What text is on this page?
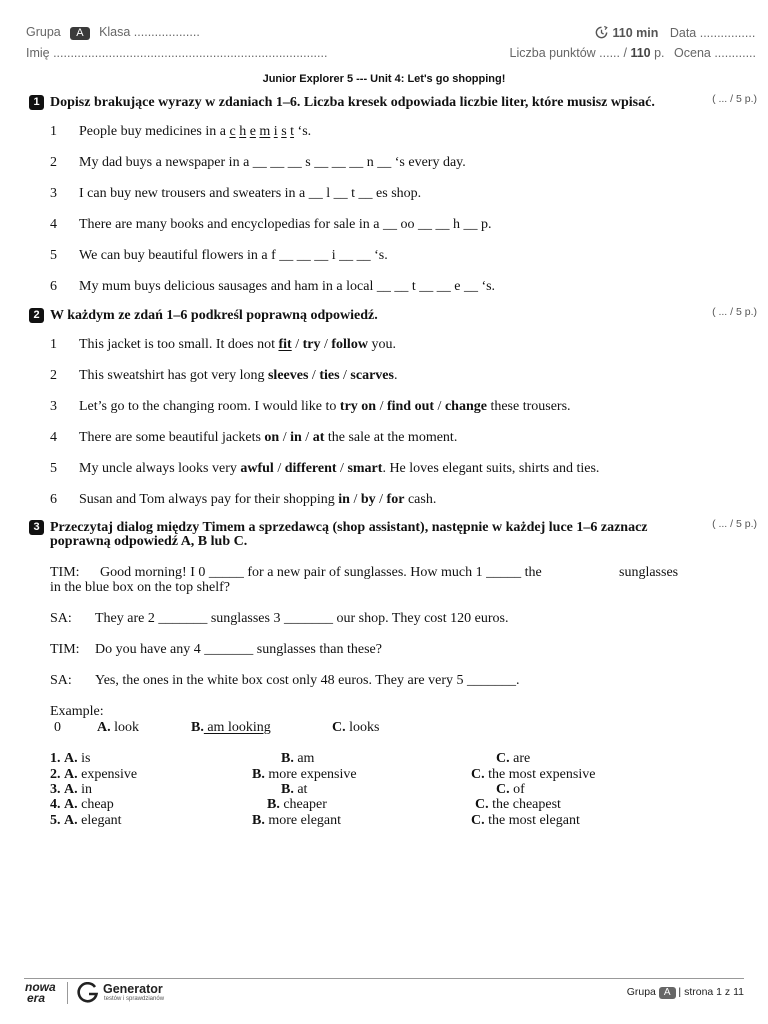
Grupa A Klasa ...................
Imię ...............................................................................
110 min Data ................
Liczba punktów ...... / 110 p. Ocena ............
Junior Explorer 5 --- Unit 4: Let's go shopping!
1 Dopisz brakujące wyrazy w zdaniach 1–6. Liczba kresek odpowiada liczbie liter, które musisz wpisać.	( ... / 5 p.)
1 People buy medicines in a c h e m i s t ‘s.
2 My dad buys a newspaper in a __ __ __ s __ __ __ n __ ‘s every day.
3 I can buy new trousers and sweaters in a __ l __ t __ es shop.
4 There are many books and encyclopedias for sale in a __ oo __ __ h __ p.
5 We can buy beautiful flowers in a f __ __ __ i __ __ ‘s.
6 My mum buys delicious sausages and ham in a local __ __ t __ __ e __ ‘s.
2 W każdym ze zdań 1–6 podkreśl poprawną odpowiedź.	( ... / 5 p.)
1 This jacket is too small. It does not fit / try / follow you.
2 This sweatshirt has got very long sleeves / ties / scarves.
3 Let’s go to the changing room. I would like to try on / find out / change these trousers.
4 There are some beautiful jackets on / in / at the sale at the moment.
5 My uncle always looks very awful / different / smart. He loves elegant suits, shirts and ties.
6 Susan and Tom always pay for their shopping in / by / for cash.
3 Przeczytaj dialog między Timem a sprzedawcą (shop assistant), następnie w każdej luce 1–6 zaznacz
poprawną odpowiedź A, B lub C.
( ... / 5 p.)
TIM: Good morning! I 0 _____ for a new pair of sunglasses. How much 1 _____ the	sunglasses
in the blue box on the top shelf?
SA: They are 2 _______ sunglasses 3 _______ our shop. They cost 120 euros.
TIM: Do you have any 4 _______ sunglasses than these?
SA: Yes, the ones in the white box cost only 48 euros. They are very 5 _______.
Example:
0	A. look	B. am looking	C. looks
1. A. is	B. am	C. are
2. A. expensive	B. more expensive	C. the most expensive
3. A. in	B. at	C. of
4. A. cheap	B. cheaper	C. the cheapest
5. A. elegant	B. more elegant	C. the most elegant
nowa
era
Generator
testów i sprawdzianów
Grupa A | strona 1 z 11
